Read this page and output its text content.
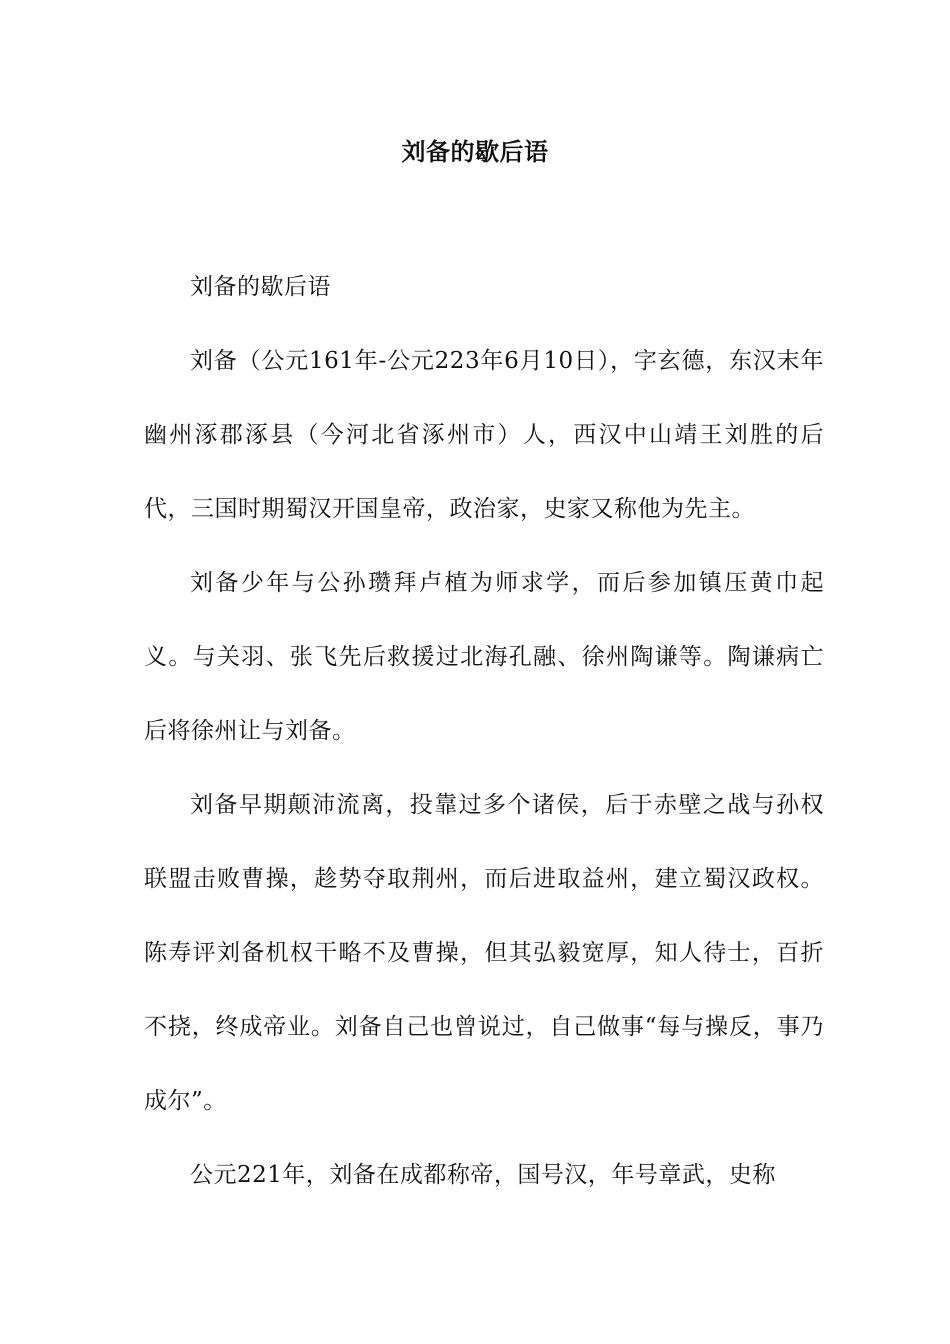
刘备的歇后语

刘备的歇后语

刘备（公元161年-公元223年6月10日），字玄德，东汉末年幽州涿郡涿县（今河北省涿州市）人，西汉中山靖王刘胜的后代，三国时期蜀汉开国皇帝，政治家，史家又称他为先主。

刘备少年与公孙瓒拜卢植为师求学，而后参加镇压黄巾起义。与关羽、张飞先后救援过北海孔融、徐州陶谦等。陶谦病亡后将徐州让与刘备。

刘备早期颠沛流离，投靠过多个诸侯，后于赤壁之战与孙权联盟击败曹操，趁势夺取荆州，而后进取益州，建立蜀汉政权。陈寿评刘备机权干略不及曹操，但其弘毅宽厚，知人待士，百折不挠，终成帝业。刘备自己也曾说过，自己做事“每与操反，事乃成尔”。

公元221年，刘备在成都称帝，国号汉，年号章武，史称
